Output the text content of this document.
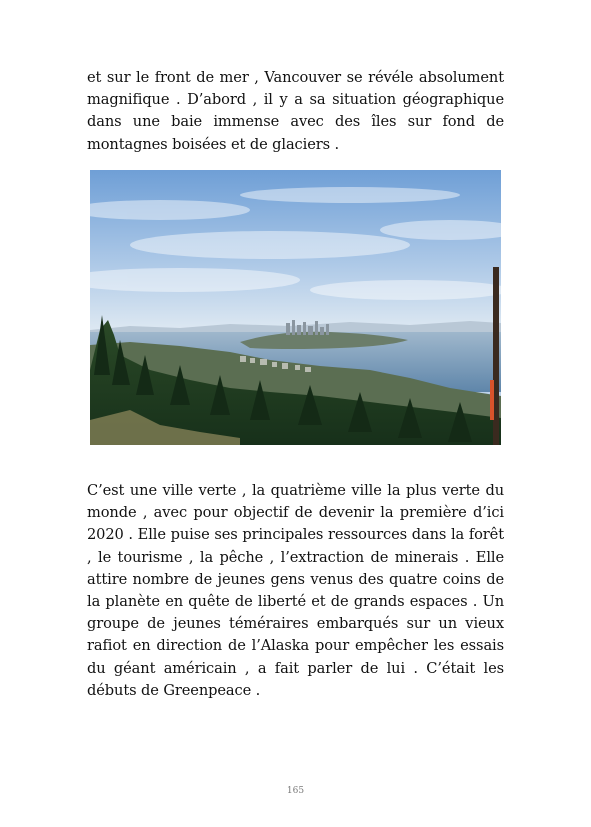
et sur le front de mer , Vancouver se révéle absolument magnifique . D’abord , il y a sa situation géographique dans une baie immense avec des îles sur fond de montagnes boisées et de glaciers .

C’est une ville verte , la quatrième ville la plus verte du monde , avec pour objectif de devenir la première d’ici 2020 . Elle puise ses principales ressources dans la forêt , le tourisme , la pêche , l’extraction de minerais . Elle attire nombre de jeunes gens venus des quatre coins de la planète en quête de liberté et de grands espaces . Un groupe de jeunes téméraires embarqués sur un vieux rafiot en direction de l’Alaska pour empêcher les essais du géant américain , a fait parler de lui . C’était les débuts de Greenpeace .

165
